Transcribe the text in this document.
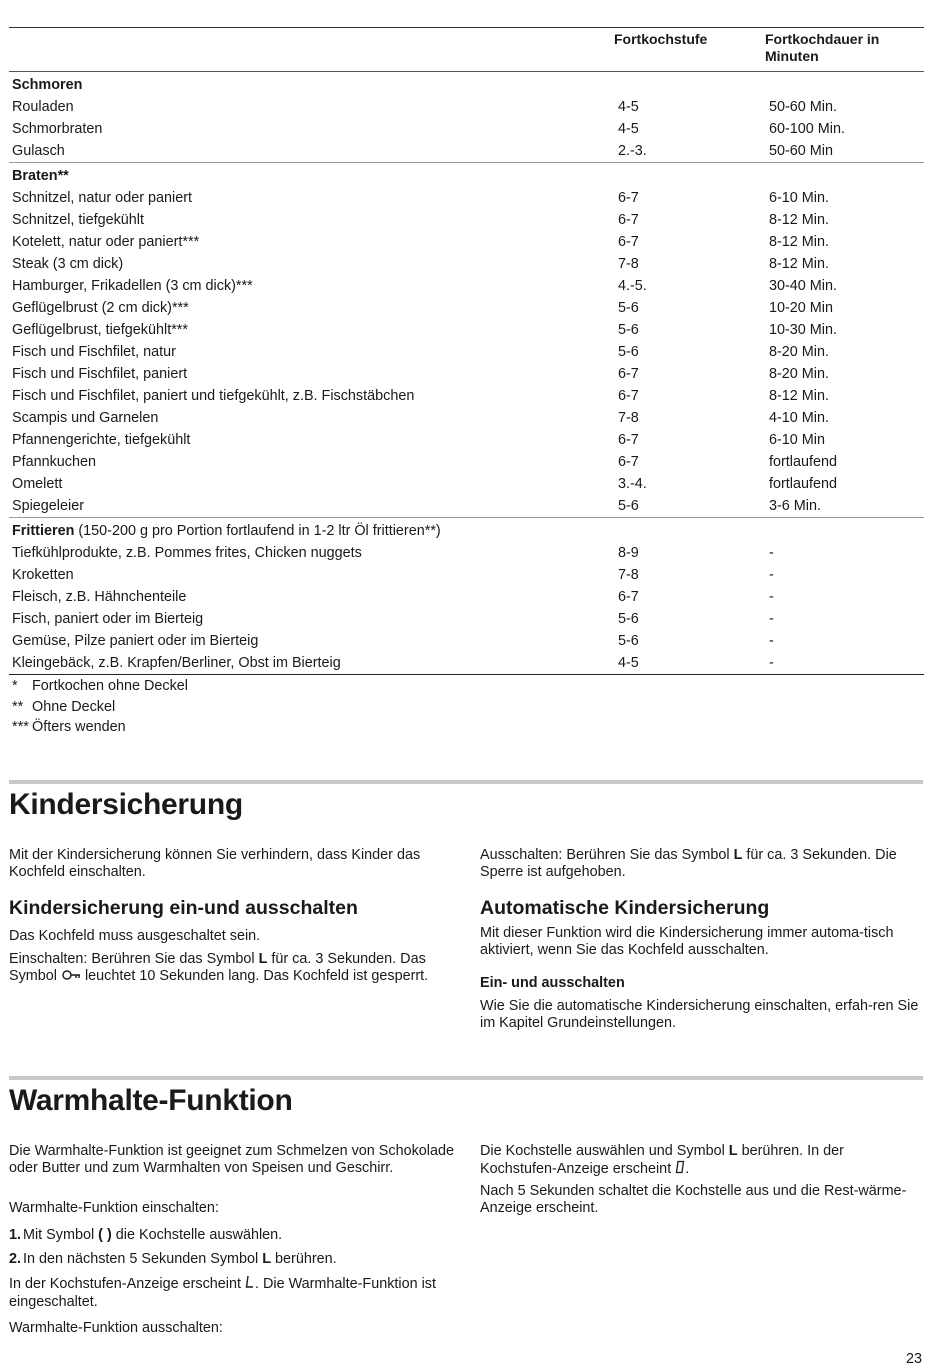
Fortkochstufe	Fortkochdauer in Minuten
Schmoren
Rouladen	4-5	50-60 Min.
Schmorbraten	4-5	60-100 Min.
Gulasch	2.-3.	50-60 Min
Braten**
Schnitzel, natur oder paniert	6-7	6-10 Min.
Schnitzel, tiefgekühlt	6-7	8-12 Min.
Kotelett, natur oder paniert***	6-7	8-12 Min.
Steak (3 cm dick)	7-8	8-12 Min.
Hamburger, Frikadellen (3 cm dick)***	4.-5.	30-40 Min.
Geflügelbrust (2 cm dick)***	5-6	10-20 Min
Geflügelbrust, tiefgekühlt***	5-6	10-30 Min.
Fisch und Fischfilet, natur	5-6	8-20 Min.
Fisch und Fischfilet, paniert	6-7	8-20 Min.
Fisch und Fischfilet, paniert und tiefgekühlt, z.B. Fischstäbchen	6-7	8-12 Min.
Scampis und Garnelen	7-8	4-10 Min.
Pfannengerichte, tiefgekühlt	6-7	6-10 Min
Pfannkuchen	6-7	fortlaufend
Omelett	3.-4.	fortlaufend
Spiegeleier	5-6	3-6 Min.
Frittieren (150-200 g pro Portion fortlaufend in 1-2 ltr Öl frittieren**)
Tiefkühlprodukte, z.B. Pommes frites, Chicken nuggets	8-9	-
Kroketten	7-8	-
Fleisch, z.B. Hähnchenteile	6-7	-
Fisch, paniert oder im Bierteig	5-6	-
Gemüse, Pilze paniert oder im Bierteig	5-6	-
Kleingebäck, z.B. Krapfen/Berliner, Obst im Bierteig	4-5	-
* Fortkochen ohne Deckel
** Ohne Deckel
*** Öfters wenden
Kindersicherung
Mit der Kindersicherung können Sie verhindern, dass Kinder das Kochfeld einschalten.
Kindersicherung ein-und ausschalten
Das Kochfeld muss ausgeschaltet sein.
Einschalten: Berühren Sie das Symbol L für ca. 3 Sekunden. Das Symbol  leuchtet 10 Sekunden lang. Das Kochfeld ist gesperrt.
Ausschalten: Berühren Sie das Symbol L für ca. 3 Sekunden. Die Sperre ist aufgehoben.
Automatische Kindersicherung
Mit dieser Funktion wird die Kindersicherung immer automa-tisch aktiviert, wenn Sie das Kochfeld ausschalten.
Ein- und ausschalten
Wie Sie die automatische Kindersicherung einschalten, erfah-ren Sie im Kapitel Grundeinstellungen.
Warmhalte-Funktion
Die Warmhalte-Funktion ist geeignet zum Schmelzen von Schokolade oder Butter und zum Warmhalten von Speisen und Geschirr.
Warmhalte-Funktion einschalten:
1. Mit Symbol ( ) die Kochstelle auswählen.
2. In den nächsten 5 Sekunden Symbol L berühren.
In der Kochstufen-Anzeige erscheint . Die Warmhalte-Funktion ist eingeschaltet.
Warmhalte-Funktion ausschalten:
Die Kochstelle auswählen und Symbol L berühren. In der Kochstufen-Anzeige erscheint .
Nach 5 Sekunden schaltet die Kochstelle aus und die Rest-wärme-Anzeige erscheint.
23
